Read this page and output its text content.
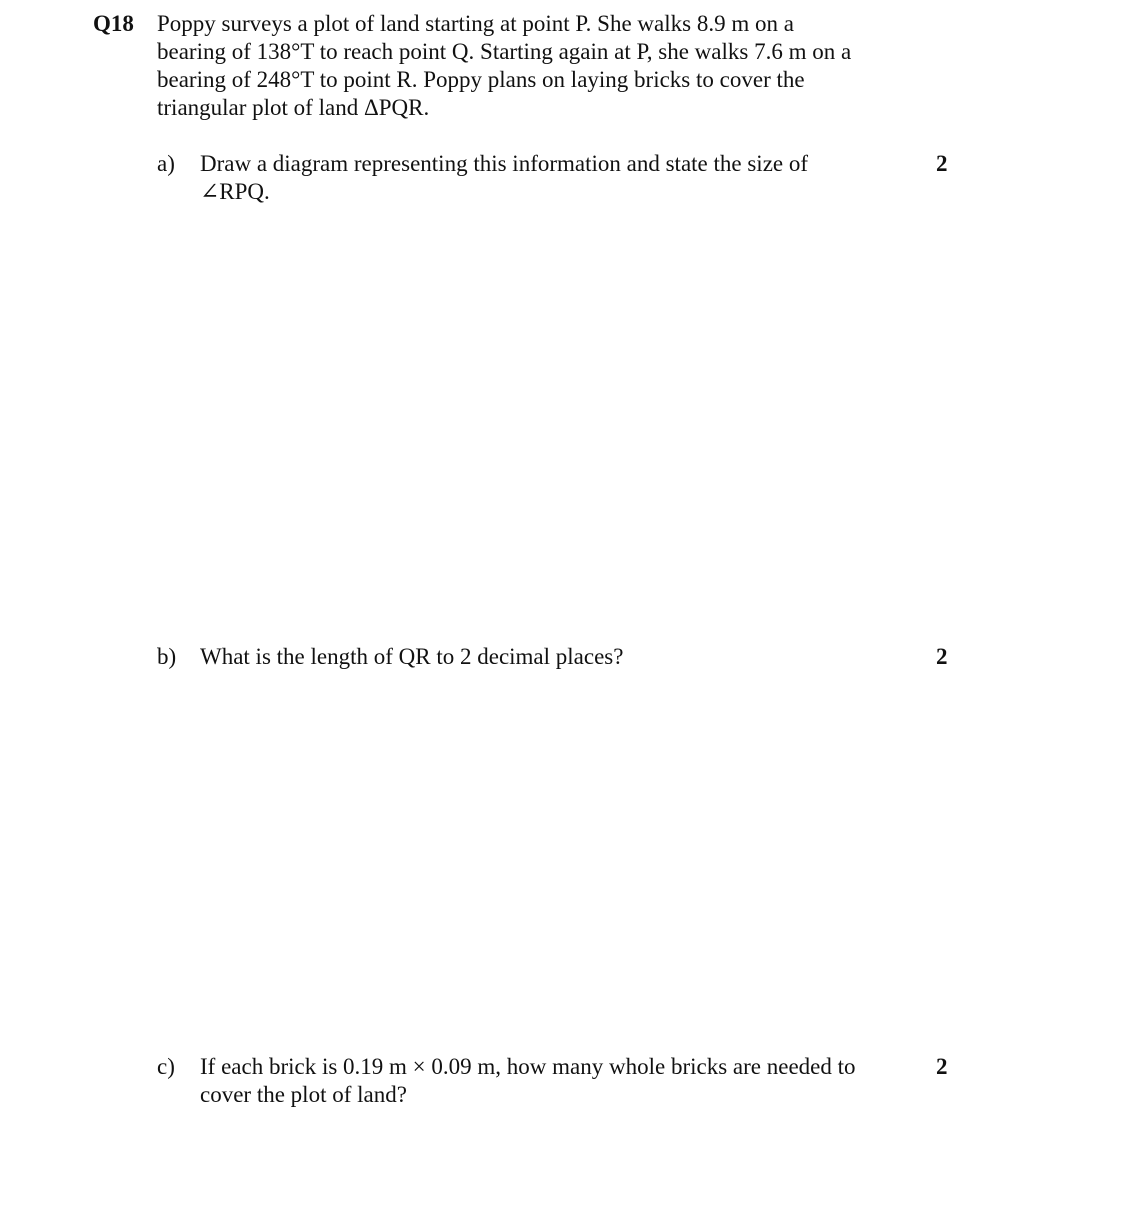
Q18 Poppy surveys a plot of land starting at point P. She walks 8.9 m on a
bearing of 138°T to reach point Q. Starting again at P, she walks 7.6 m on a
bearing of 248°T to point R. Poppy plans on laying bricks to cover the
triangular plot of land ΔPQR.
a) Draw a diagram representing this information and state the size of
∠RPQ.
2
b) What is the length of QR to 2 decimal places?	2
c) If each brick is 0.19 m × 0.09 m, how many whole bricks are needed to
cover the plot of land?
2
